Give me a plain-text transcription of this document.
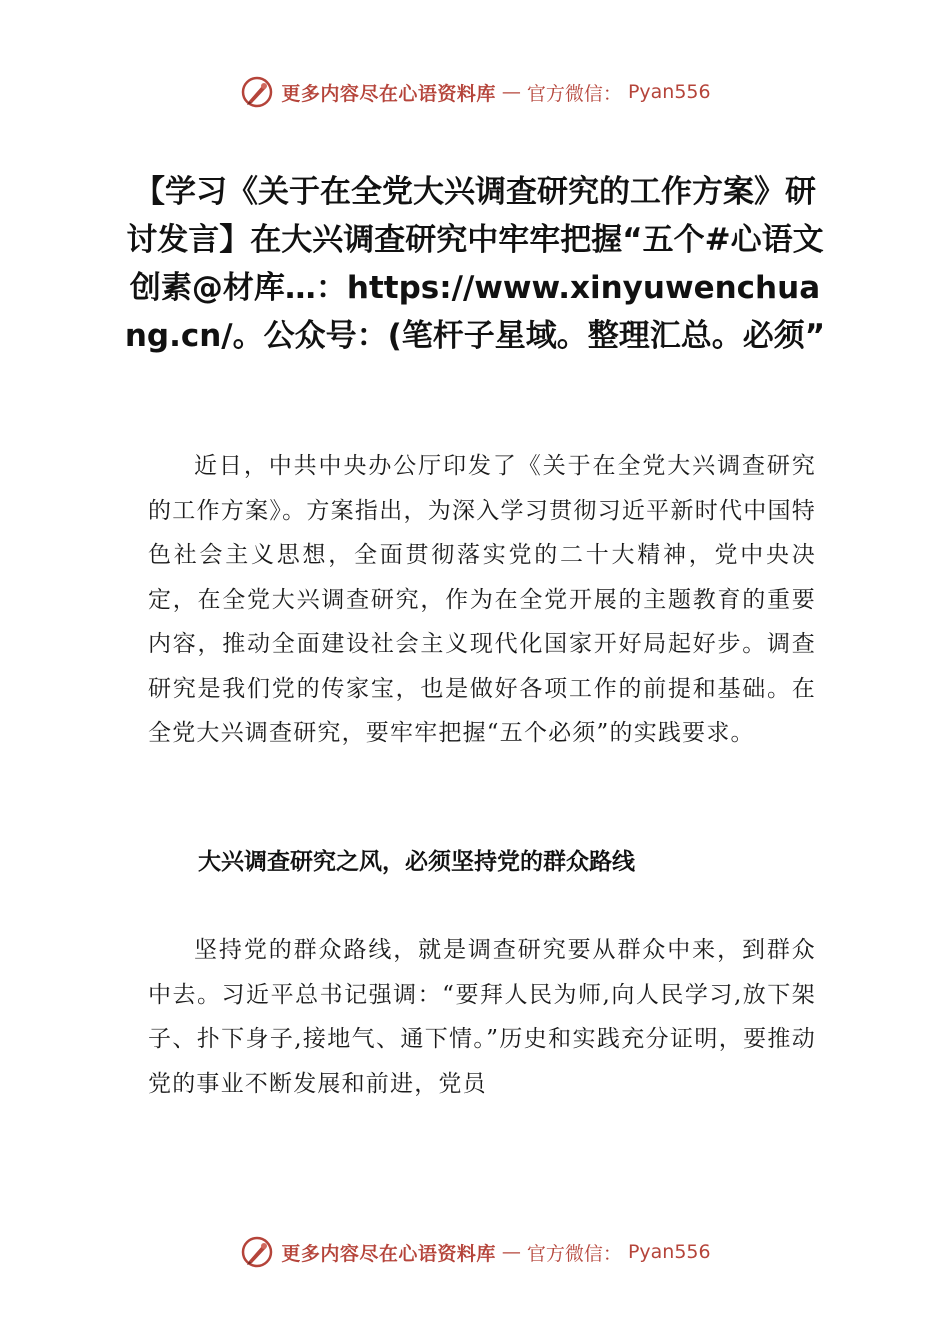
更多内容尽在心语资料库 — 官方微信： Pyan556
【学习《关于在全党大兴调查研究的工作方案》研讨发言】在大兴调查研究中牢牢把握“五个#心语文创素@材库…：https://www.xinyuwenchuang.cn/。公众号：(笔杆子星域。整理汇总。必须”

近日，中共中央办公厅印发了《关于在全党大兴调查研究的工作方案》。方案指出，为深入学习贯彻习近平新时代中国特色社会主义思想，全面贯彻落实党的二十大精神，党中央决定，在全党大兴调查研究，作为在全党开展的主题教育的重要内容，推动全面建设社会主义现代化国家开好局起好步。调查研究是我们党的传家宝，也是做好各项工作的前提和基础。在全党大兴调查研究，要牢牢把握“五个必须”的实践要求。

大兴调查研究之风，必须坚持党的群众路线

坚持党的群众路线，就是调查研究要从群众中来，到群众中去。习近平总书记强调：“要拜人民为师,向人民学习,放下架子、扑下身子,接地气、通下情。”历史和实践充分证明，要推动党的事业不断发展和前进，党员

更多内容尽在心语资料库 — 官方微信： Pyan556
